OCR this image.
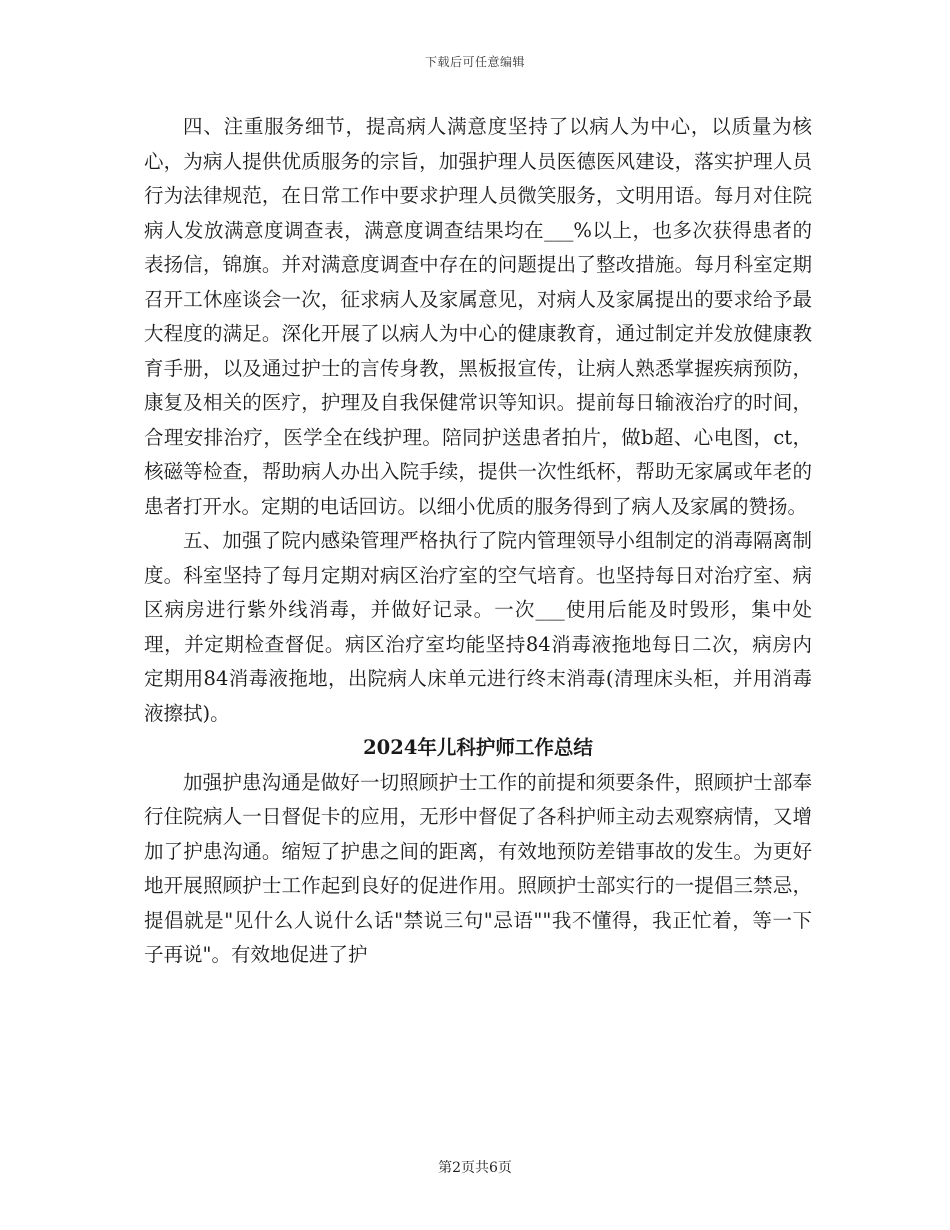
下载后可任意编辑

四、注重服务细节，提高病人满意度坚持了以病人为中心，以质量为核心，为病人提供优质服务的宗旨，加强护理人员医德医风建设，落实护理人员行为法律规范，在日常工作中要求护理人员微笑服务，文明用语。每月对住院病人发放满意度调查表，满意度调查结果均在___%以上，也多次获得患者的表扬信，锦旗。并对满意度调查中存在的问题提出了整改措施。每月科室定期召开工休座谈会一次，征求病人及家属意见，对病人及家属提出的要求给予最大程度的满足。深化开展了以病人为中心的健康教育，通过制定并发放健康教育手册，以及通过护士的言传身教，黑板报宣传，让病人熟悉掌握疾病预防，康复及相关的医疗，护理及自我保健常识等知识。提前每日输液治疗的时间，合理安排治疗，医学全在线护理。陪同护送患者拍片，做b超、心电图，ct，核磁等检查，帮助病人办出入院手续，提供一次性纸杯，帮助无家属或年老的患者打开水。定期的电话回访。以细小优质的服务得到了病人及家属的赞扬。

五、加强了院内感染管理严格执行了院内管理领导小组制定的消毒隔离制度。科室坚持了每月定期对病区治疗室的空气培育。也坚持每日对治疗室、病区病房进行紫外线消毒，并做好记录。一次___使用后能及时毁形，集中处理，并定期检查督促。病区治疗室均能坚持84消毒液拖地每日二次，病房内定期用84消毒液拖地，出院病人床单元进行终末消毒(清理床头柜，并用消毒液擦拭)。

2024年儿科护师工作总结

加强护患沟通是做好一切照顾护士工作的前提和须要条件，照顾护士部奉行住院病人一日督促卡的应用，无形中督促了各科护师主动去观察病情，又增加了护患沟通。缩短了护患之间的距离，有效地预防差错事故的发生。为更好地开展照顾护士工作起到良好的促进作用。照顾护士部实行的一提倡三禁忌，提倡就是"见什么人说什么话"禁说三句"忌语""我不懂得，我正忙着，等一下子再说"。有效地促进了护

第2页共6页
